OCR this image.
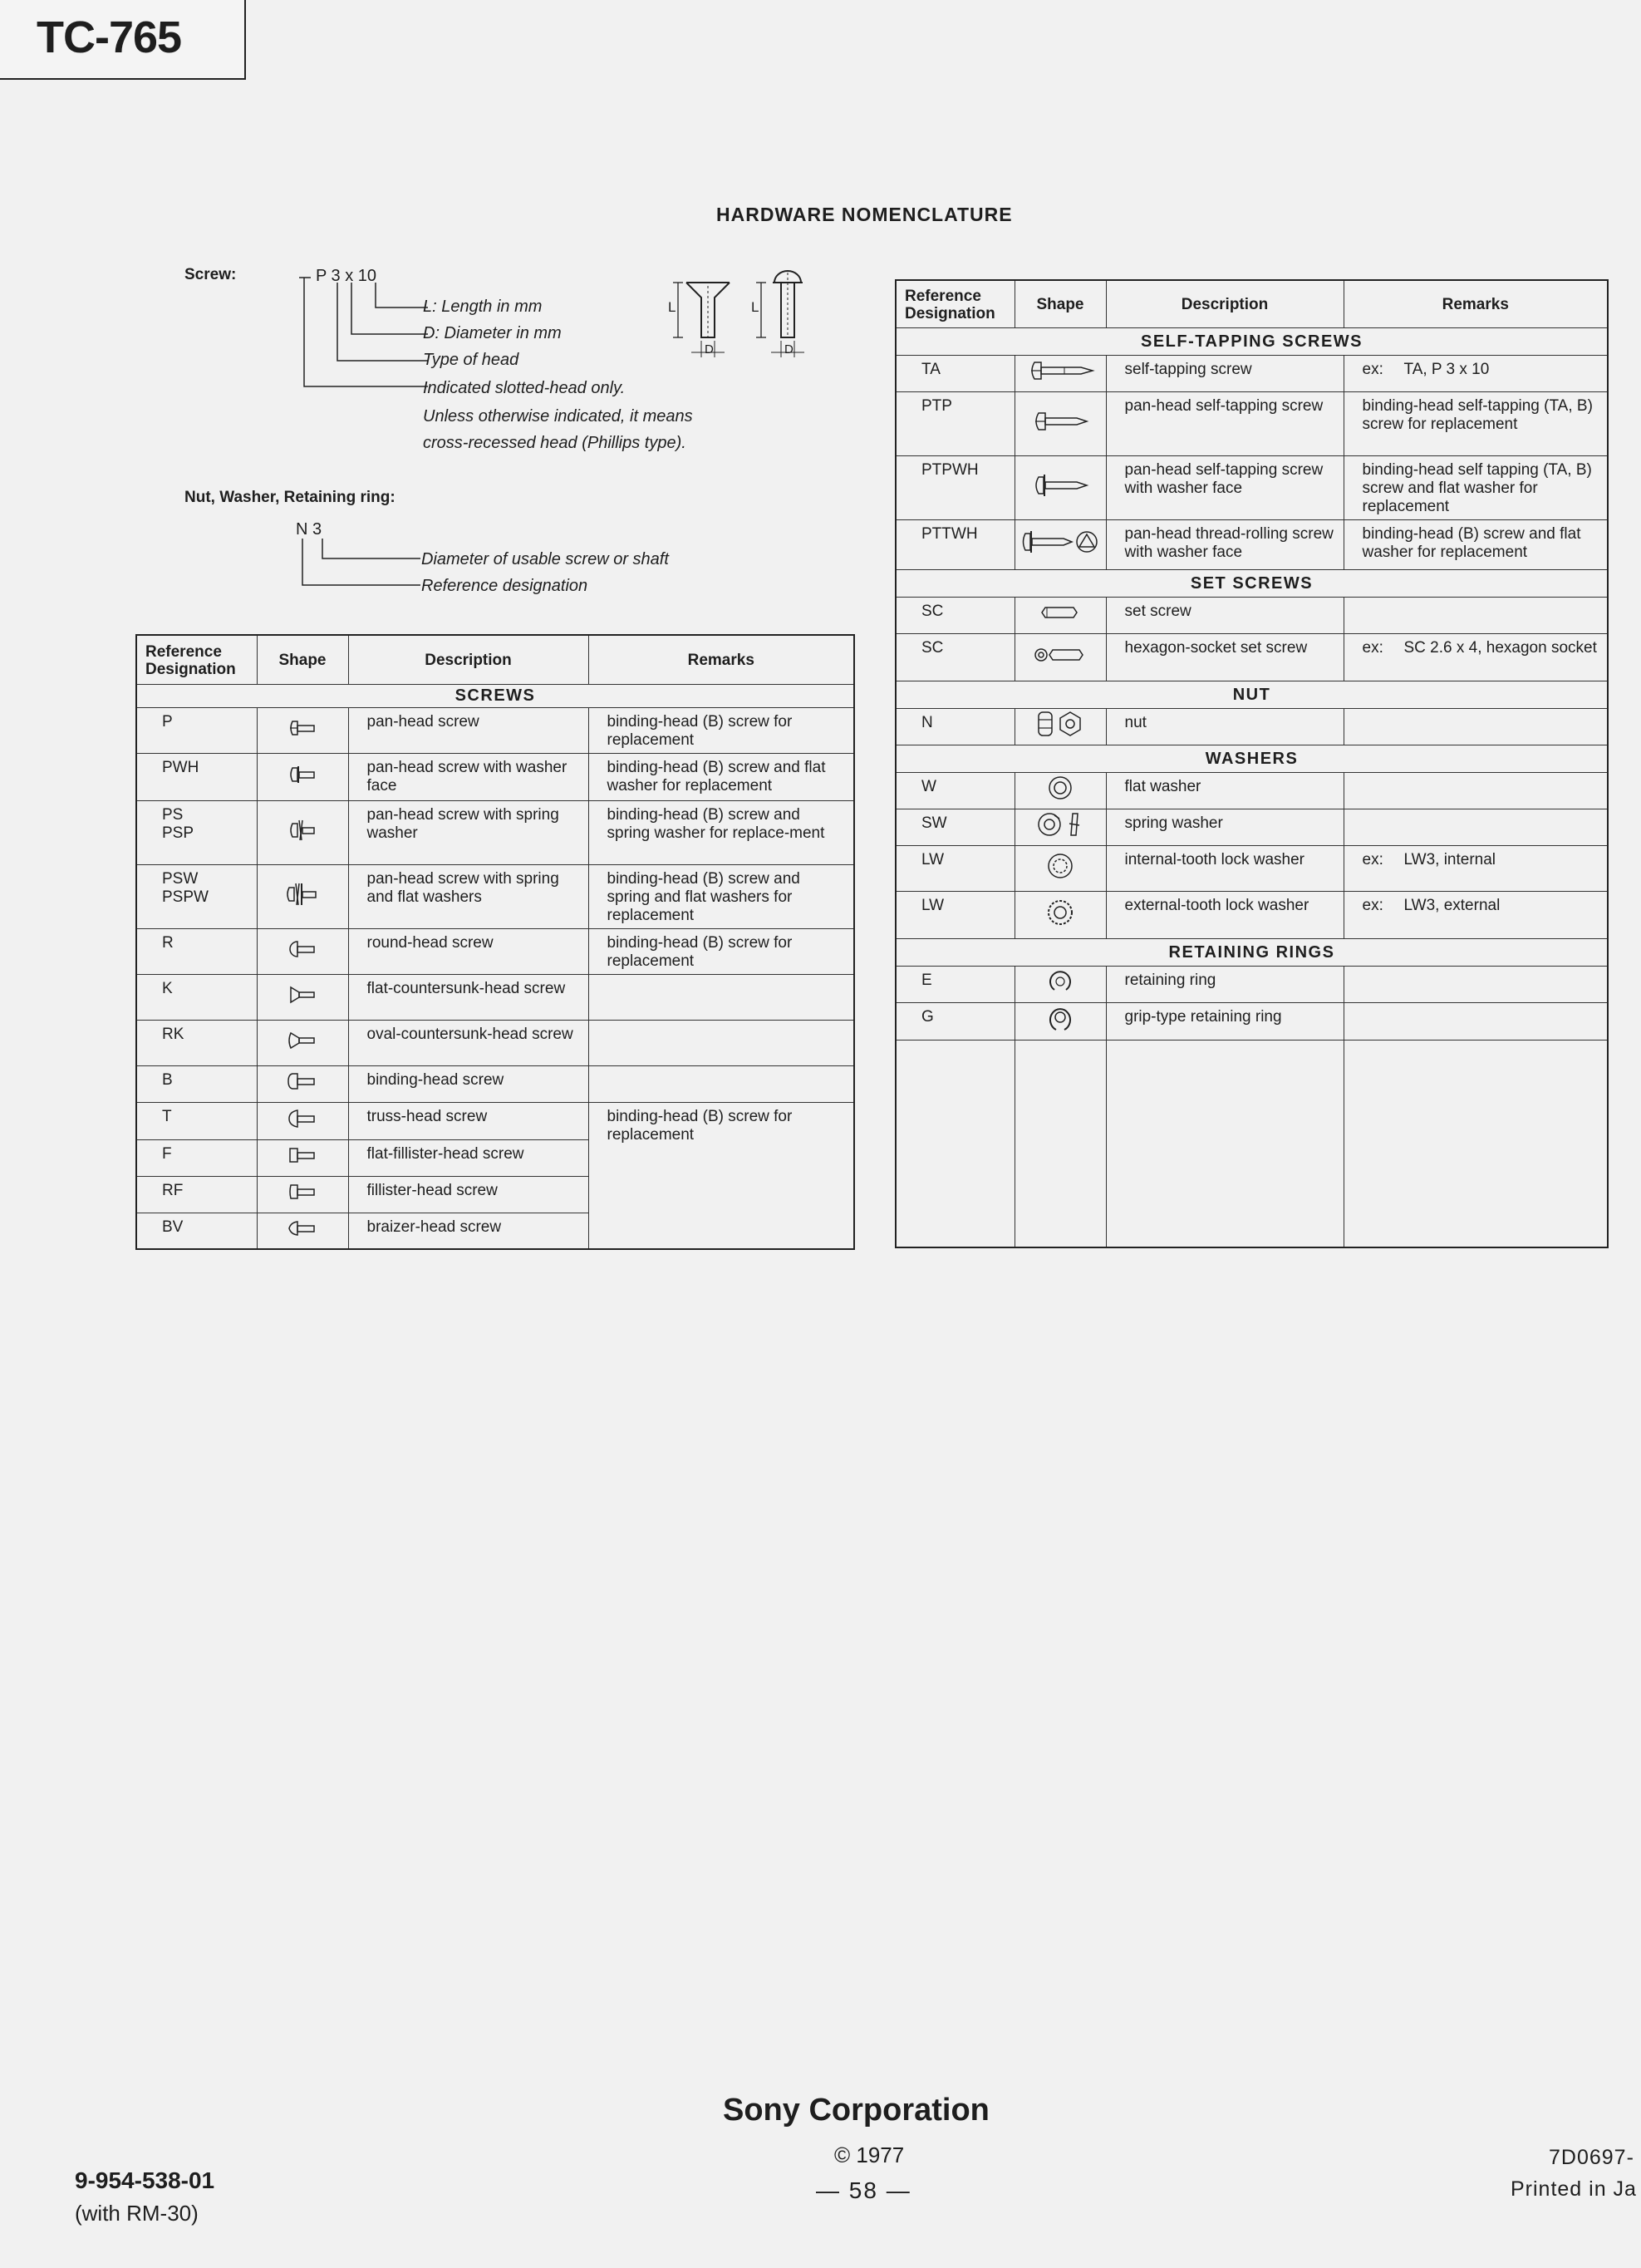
TC-765
HARDWARE NOMENCLATURE
Screw:	P 3 x 10
L: Length in mm
D: Diameter in mm
Type of head
Indicated slotted-head only.
Unless otherwise indicated, it means
cross-recessed head (Phillips type).
L	L
D	D
Nut, Washer, Retaining ring:
N 3
Diameter of usable screw or shaft
Reference designation
Reference
Designation	Shape	Description	Remarks
SCREWS			
P		pan-head screw	binding-head (B) screw for replacement
PWH		pan-head screw with washer face	binding-head (B) screw and flat washer for replacement
PS
PSP		pan-head screw with spring washer	binding-head (B) screw and spring washer for replace-ment
PSW
PSPW		pan-head screw with spring and flat washers	binding-head (B) screw and spring and flat washers for replacement
R		round-head screw	binding-head (B) screw for replacement
K		flat-countersunk-head screw	
RK		oval-countersunk-head screw	
B		binding-head screw	
T		truss-head screw	binding-head (B) screw for replacement
F		flat-fillister-head screw	
RF		fillister-head screw	
BV		braizer-head screw	
Reference
Designation	Shape	Description	Remarks
SELF-TAPPING SCREWS			
TA		self-tapping screw	ex: TA, P 3 x 10
PTP		pan-head self-tapping screw	binding-head self-tapping (TA, B) screw for replacement
PTPWH		pan-head self-tapping screw with washer face	binding-head self tapping (TA, B) screw and flat washer for replacement
PTTWH		pan-head thread-rolling screw with washer face	binding-head (B) screw and flat washer for replacement
SET SCREWS			
SC		set screw	
SC		hexagon-socket set screw	ex: SC 2.6 x 4, hexagon socket
NUT			
N		nut	
WASHERS			
W		flat washer	
SW		spring washer	
LW		internal-tooth lock washer	ex: LW3, internal
LW		external-tooth lock washer	ex: LW3, external
RETAINING RINGS			
E		retaining ring	
G		grip-type retaining ring	

Sony Corporation
© 1977
— 58 —
9-954-538-01
(with RM-30)
7D0697-
Printed in Ja
